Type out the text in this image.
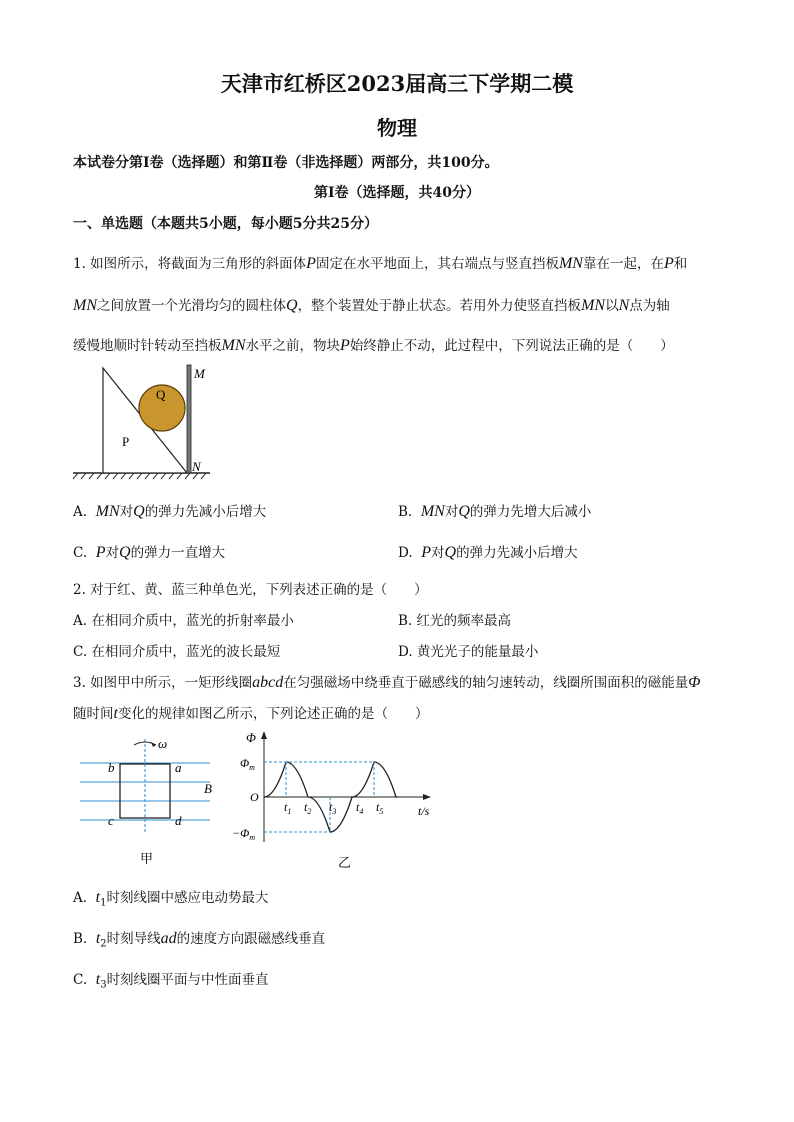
天津市红桥区2023届高三下学期二模
物理
本试卷分第Ⅰ卷（选择题）和第Ⅱ卷（非选择题）两部分，共100分。
第Ⅰ卷（选择题，共40分）
一、单选题（本题共5小题，每小题5分共25分）
1. 如图所示，将截面为三角形的斜面体P固定在水平地面上，其右端点与竖直挡板MN靠在一起，在P和
MN之间放置一个光滑均匀的圆柱体Q，整个装置处于静止状态。若用外力使竖直挡板MN以N点为轴
缓慢地顺时针转动至挡板MN水平之前，物块P始终静止不动，此过程中，下列说法正确的是（　　）
Q
P
M
N
A. MN对Q的弹力先减小后增大	B. MN对Q的弹力先增大后减小
C. P对Q的弹力一直增大	D. P对Q的弹力先减小后增大
2. 对于红、黄、蓝三种单色光，下列表述正确的是（　　）
A. 在相同介质中，蓝光的折射率最小	B. 红光的频率最高
C. 在相同介质中，蓝光的波长最短	D. 黄光光子的能量最小
3. 如图甲中所示，一矩形线圈abcd在匀强磁场中绕垂直于磁感线的轴匀速转动，线圈所围面积的磁能量Φ
随时间t变化的规律如图乙所示，下列论述正确的是（　　）
ω
b	a
c	d
B
甲
Φ
$\Phi_m$
O
$-\Phi_m$
$t_1$ $t_2$ $t_3$ $t_4$ $t_5$	t/s
乙
A. $t_1$时刻线圈中感应电动势最大
B. $t_2$时刻导线ad的速度方向跟磁感线垂直
C. $t_3$时刻线圈平面与中性面垂直
